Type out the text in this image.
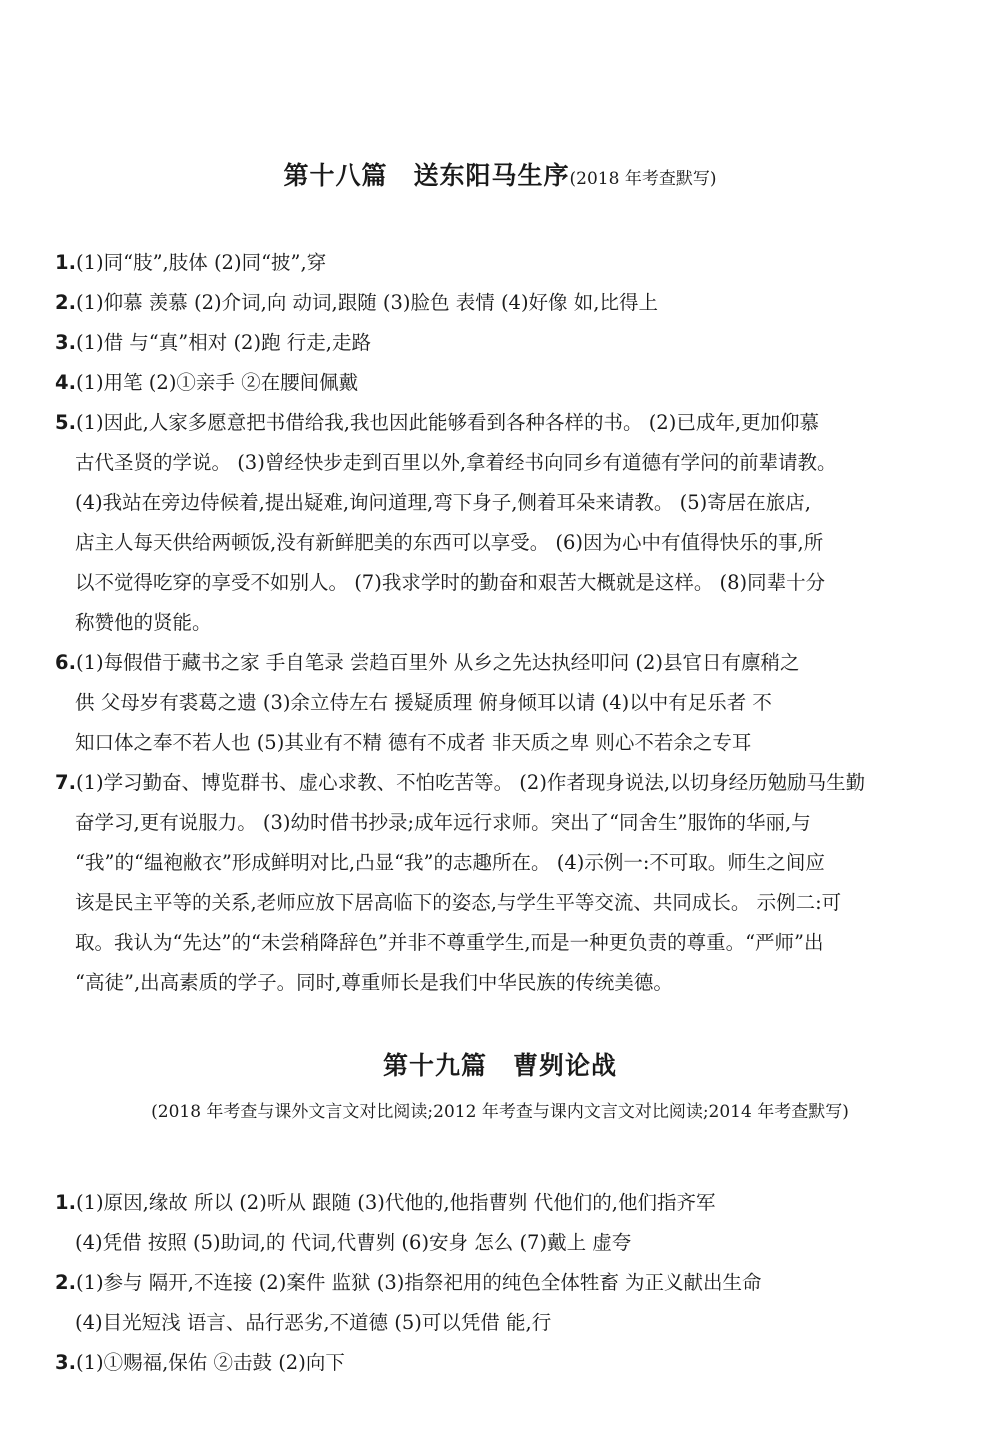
第十八篇 送东阳马生序(2018 年考查默写)
1.(1)同“肢”,肢体 (2)同“披”,穿
2.(1)仰慕 羡慕 (2)介词,向 动词,跟随 (3)脸色 表情 (4)好像 如,比得上
3.(1)借 与“真”相对 (2)跑 行走,走路
4.(1)用笔 (2)①亲手 ②在腰间佩戴
5.(1)因此,人家多愿意把书借给我,我也因此能够看到各种各样的书。 (2)已成年,更加仰慕
古代圣贤的学说。 (3)曾经快步走到百里以外,拿着经书向同乡有道德有学问的前辈请教。
(4)我站在旁边侍候着,提出疑难,询问道理,弯下身子,侧着耳朵来请教。 (5)寄居在旅店,
店主人每天供给两顿饭,没有新鲜肥美的东西可以享受。 (6)因为心中有值得快乐的事,所
以不觉得吃穿的享受不如别人。 (7)我求学时的勤奋和艰苦大概就是这样。 (8)同辈十分
称赞他的贤能。
6.(1)每假借于藏书之家 手自笔录 尝趋百里外 从乡之先达执经叩问 (2)县官日有廪稍之
供 父母岁有裘葛之遗 (3)余立侍左右 援疑质理 俯身倾耳以请 (4)以中有足乐者 不
知口体之奉不若人也 (5)其业有不精 德有不成者 非天质之卑 则心不若余之专耳
7.(1)学习勤奋、博览群书、虚心求教、不怕吃苦等。 (2)作者现身说法,以切身经历勉励马生勤
奋学习,更有说服力。 (3)幼时借书抄录;成年远行求师。突出了“同舍生”服饰的华丽,与
“我”的“缊袍敝衣”形成鲜明对比,凸显“我”的志趣所在。 (4)示例一:不可取。师生之间应
该是民主平等的关系,老师应放下居高临下的姿态,与学生平等交流、共同成长。 示例二:可
取。我认为“先达”的“未尝稍降辞色”并非不尊重学生,而是一种更负责的尊重。“严师”出
“高徒”,出高素质的学子。同时,尊重师长是我们中华民族的传统美德。
第十九篇 曹刿论战
(2018 年考查与课外文言文对比阅读;2012 年考查与课内文言文对比阅读;2014 年考查默写)
1.(1)原因,缘故 所以 (2)听从 跟随 (3)代他的,他指曹刿 代他们的,他们指齐军
(4)凭借 按照 (5)助词,的 代词,代曹刿 (6)安身 怎么 (7)戴上 虚夸
2.(1)参与 隔开,不连接 (2)案件 监狱 (3)指祭祀用的纯色全体牲畜 为正义献出生命
(4)目光短浅 语言、品行恶劣,不道德 (5)可以凭借 能,行
3.(1)①赐福,保佑 ②击鼓 (2)向下
